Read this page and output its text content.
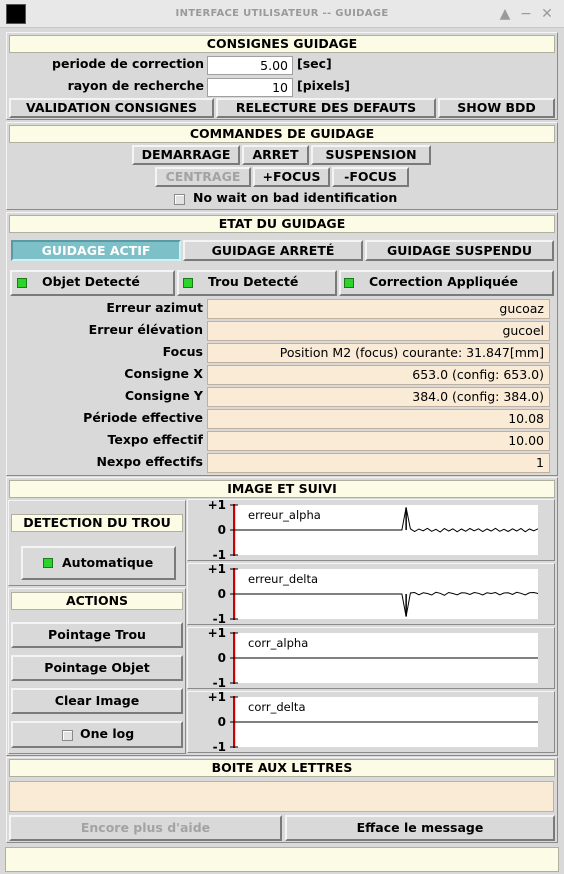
INTERFACE UTILISATEUR -- GUIDAGE	▲ − ✕
CONSIGNES GUIDAGE
periode de correction	5.00 [sec]
rayon de recherche	10 [pixels]
VALIDATION CONSIGNES	RELECTURE DES DEFAUTS	SHOW BDD
COMMANDES DE GUIDAGE
DEMARRAGE	ARRET	SUSPENSION
CENTRAGE	+FOCUS	-FOCUS
No wait on bad identification
ETAT DU GUIDAGE
GUIDAGE ACTIF	GUIDAGE ARRETÉ	GUIDAGE SUSPENDU
Objet Detecté	Trou Detecté	Correction Appliquée
Erreur azimut	gucoaz
Erreur élévation	gucoel
Focus	Position M2 (focus) courante: 31.847[mm]
Consigne X	653.0 (config: 653.0)
Consigne Y	384.0 (config: 384.0)
Période effective	10.08
Texpo effectif	10.00
Nexpo effectifs	1
IMAGE ET SUIVI
DETECTION DU TROU
Automatique
ACTIONS
Pointage Trou
Pointage Objet
Clear Image
One log
+1
0
-1
erreur_alpha
+1
0
-1
erreur_delta
+1
0
-1
corr_alpha
+1
0
-1
corr_delta
BOITE AUX LETTRES
Encore plus d'aide	Efface le message
